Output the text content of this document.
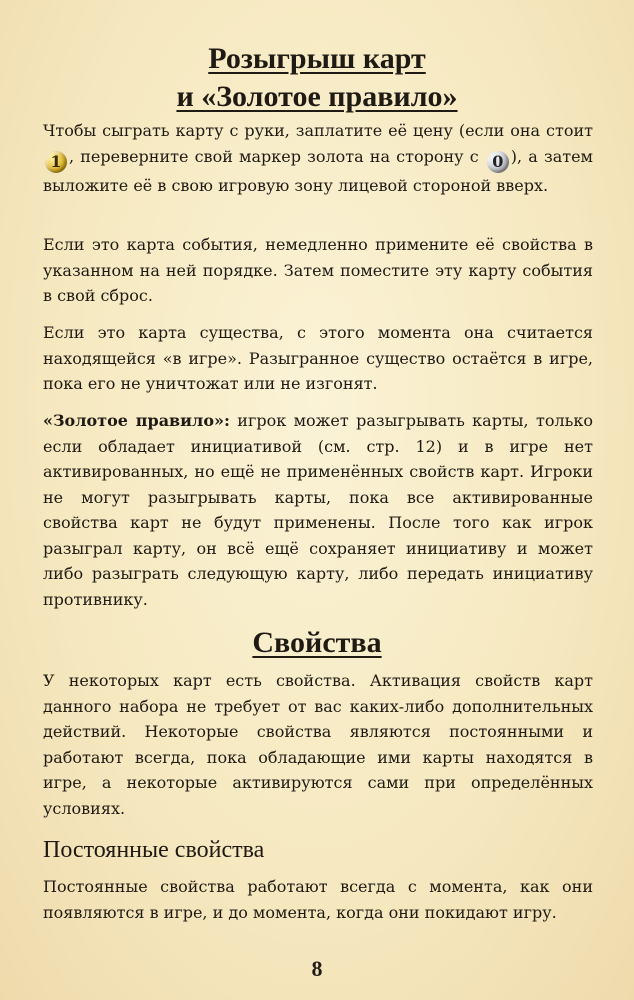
Розыгрыш карт
и «Золотое правило»

Чтобы сыграть карту с руки, заплатите её цену (если она стоит 1 , переверните свой маркер золота на сторону с 0 ), а затем выложите её в свою игровую зону лицевой стороной вверх.

Если это карта события, немедленно примените её свойства в указанном на ней порядке. Затем поместите эту карту события в свой сброс.

Если это карта существа, с этого момента она считается находящейся «в игре». Разыгранное существо остаётся в игре, пока его не уничтожат или не изгонят.

«Золотое правило»: игрок может разыгрывать карты, только если обладает инициативой (см. стр. 12) и в игре нет активированных, но ещё не применённых свойств карт. Игроки не могут разыгрывать карты, пока все активированные свойства карт не будут применены. После того как игрок разыграл карту, он всё ещё сохраняет инициативу и может либо разыграть следующую карту, либо передать инициативу противнику.

Свойства

У некоторых карт есть свойства. Активация свойств карт данного набора не требует от вас каких-либо дополнительных действий. Некоторые свойства являются постоянными и работают всегда, пока обладающие ими карты находятся в игре, а некоторые активируются сами при определённых условиях.

Постоянные свойства

Постоянные свойства работают всегда с момента, как они появляются в игре, и до момента, когда они покидают игру.

8
